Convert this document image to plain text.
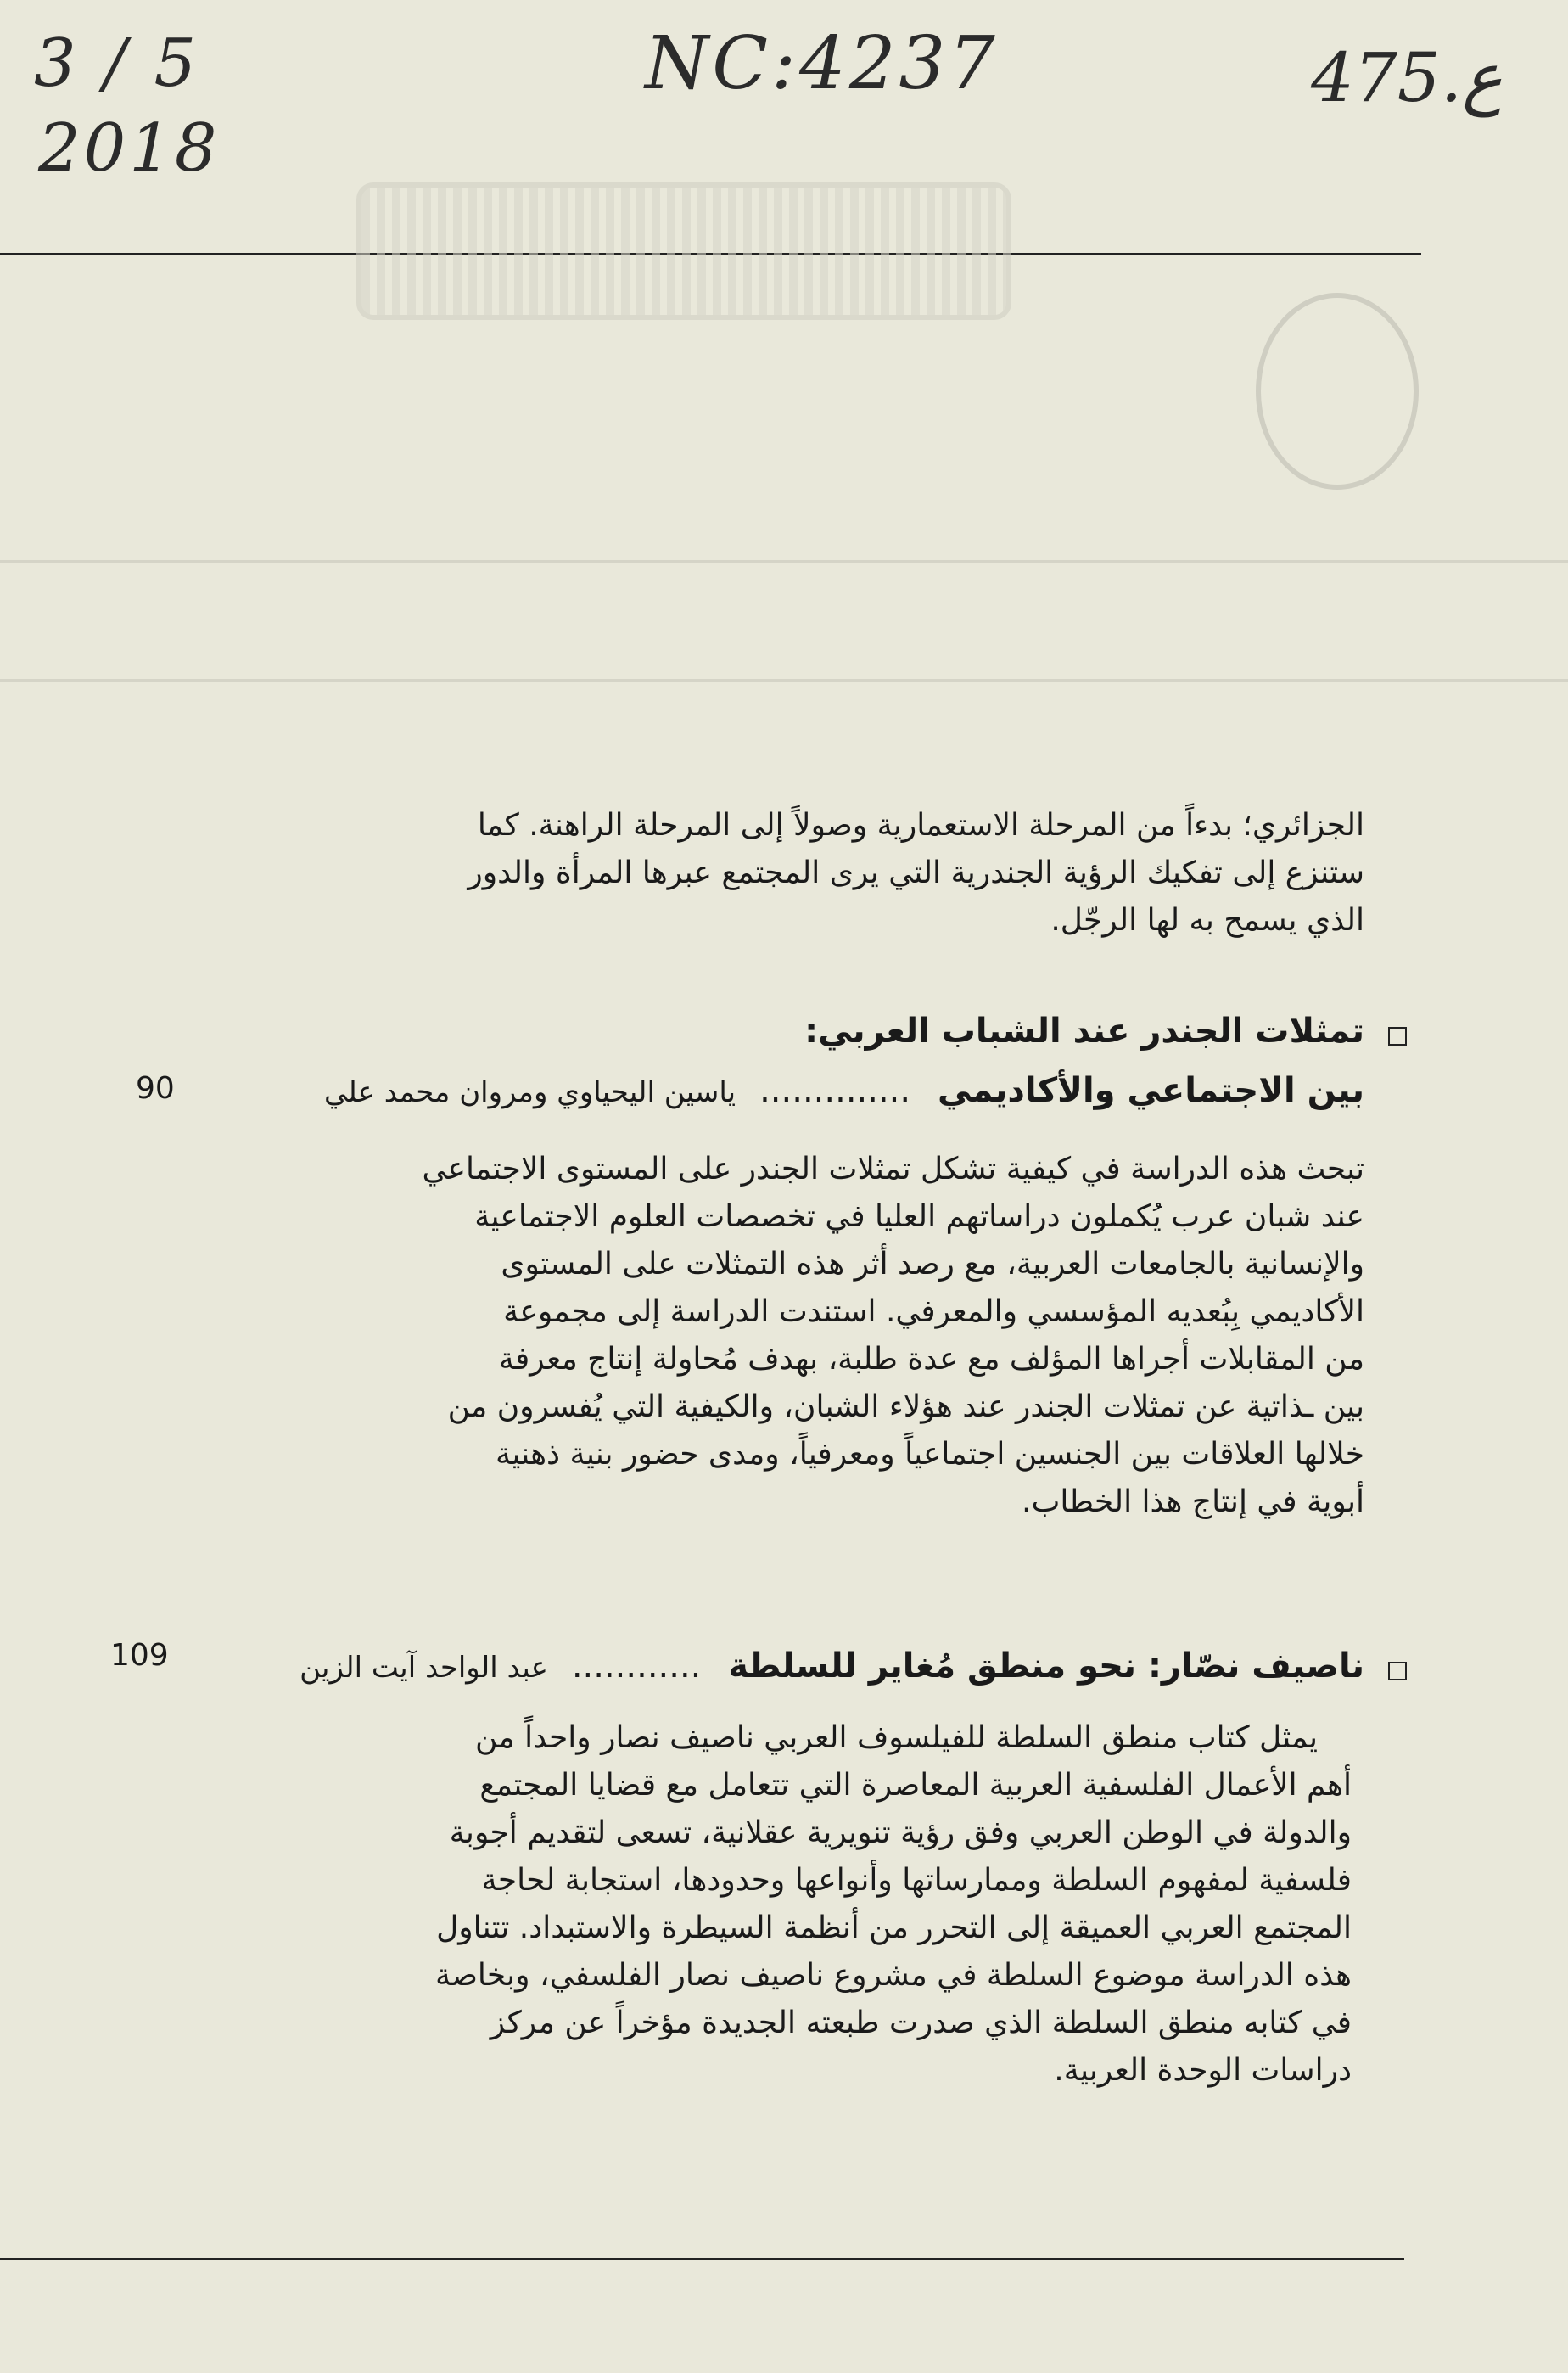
3 / 5
2018
NC:4237	475.ع

الجزائري؛ بدءاً من المرحلة الاستعمارية وصولاً إلى المرحلة الراهنة. كما

ستنزع إلى تفكيك الرؤية الجندرية التي يرى المجتمع عبرها المرأة والدور

الذي يسمح به لها الرجّل.

تمثلات الجندر عند الشباب العربي:
بين الاجتماعي والأكاديمي .............. ياسين اليحياوي ومروان محمد علي
90

تبحث هذه الدراسة في كيفية تشكل تمثلات الجندر على المستوى الاجتماعي

عند شبان عرب يُكملون دراساتهم العليا في تخصصات العلوم الاجتماعية

والإنسانية بالجامعات العربية، مع رصد أثر هذه التمثلات على المستوى

الأكاديمي بِبُعديه المؤسسي والمعرفي. استندت الدراسة إلى مجموعة

من المقابلات أجراها المؤلف مع عدة طلبة، بهدف مُحاولة إنتاج معرفة

بين ـذاتية عن تمثلات الجندر عند هؤلاء الشبان، والكيفية التي يُفسرون من

خلالها العلاقات بين الجنسين اجتماعياً ومعرفياً، ومدى حضور بنية ذهنية

أبوية في إنتاج هذا الخطاب.

ناصيف نصّار: نحو منطق مُغاير للسلطة ............ عبد الواحد آيت الزين
109

يمثل كتاب منطق السلطة للفيلسوف العربي ناصيف نصار واحداً من

أهم الأعمال الفلسفية العربية المعاصرة التي تتعامل مع قضايا المجتمع

والدولة في الوطن العربي وفق رؤية تنويرية عقلانية، تسعى لتقديم أجوبة

فلسفية لمفهوم السلطة وممارساتها وأنواعها وحدودها، استجابة لحاجة

المجتمع العربي العميقة إلى التحرر من أنظمة السيطرة والاستبداد. تتناول

هذه الدراسة موضوع السلطة في مشروع ناصيف نصار الفلسفي، وبخاصة

في كتابه منطق السلطة الذي صدرت طبعته الجديدة مؤخراً عن مركز

دراسات الوحدة العربية.
